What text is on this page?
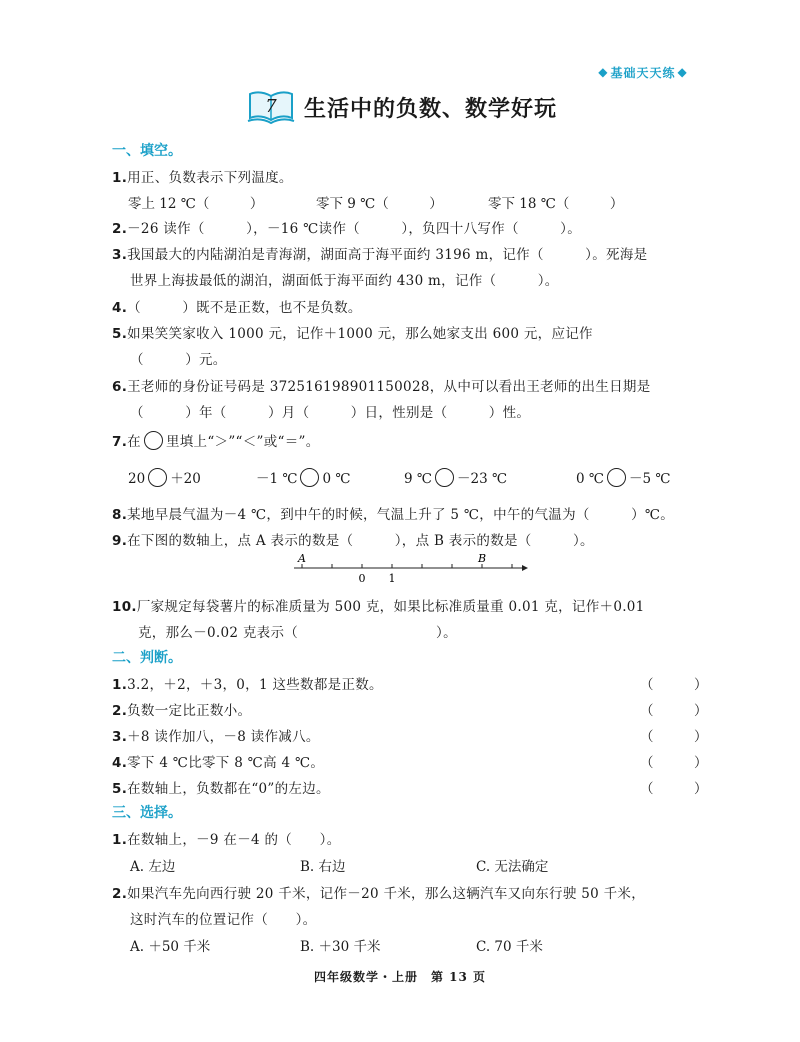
◆ 基础天天练 ◆
7 生活中的负数、数学好玩
一、填空。
1.用正、负数表示下列温度。
零上 12 ℃（　　　）	零下 9 ℃（　　　）	零下 18 ℃（　　　）
2.－26 读作（　　　），－16 ℃读作（　　　），负四十八写作（　　　）。
3.我国最大的内陆湖泊是青海湖，湖面高于海平面约 3196 m，记作（　　　）。死海是
世界上海拔最低的湖泊，湖面低于海平面约 430 m，记作（　　　）。
4.（　　　）既不是正数，也不是负数。
5.如果笑笑家收入 1000 元，记作＋1000 元，那么她家支出 600 元，应记作
（　　　）元。
6.王老师的身份证号码是 372516198901150028，从中可以看出王老师的出生日期是
（　　　）年（　　　）月（　　　）日，性别是（　　　）性。
7.在 里填上“＞”“＜”或“＝”。
20 ＋20	－1 ℃ 0 ℃	9 ℃ －23 ℃	0 ℃ －5 ℃
8.某地早晨气温为－4 ℃，到中午的时候，气温上升了 5 ℃，中午的气温为（　　　）℃。
9.在下图的数轴上，点 A 表示的数是（　　　），点 B 表示的数是（　　　）。
A	B
0 1
10.厂家规定每袋薯片的标准质量为 500 克，如果比标准质量重 0.01 克，记作＋0.01
克，那么－0.02 克表示（　　　　　　　　　　）。
二、判断。
1.3.2，＋2，＋3，0，1 这些数都是正数。	（　　　）
2.负数一定比正数小。	（　　　）
3.＋8 读作加八，－8 读作减八。	（　　　）
4.零下 4 ℃比零下 8 ℃高 4 ℃。	（　　　）
5.在数轴上，负数都在“0”的左边。	（　　　）
三、选择。
1.在数轴上，－9 在－4 的（　　）。
A. 左边	B. 右边	C. 无法确定
2.如果汽车先向西行驶 20 千米，记作－20 千米，那么这辆汽车又向东行驶 50 千米，
这时汽车的位置记作（　　）。
A. ＋50 千米	B. ＋30 千米	C. 70 千米
四年级数学・上册　第 13 页
